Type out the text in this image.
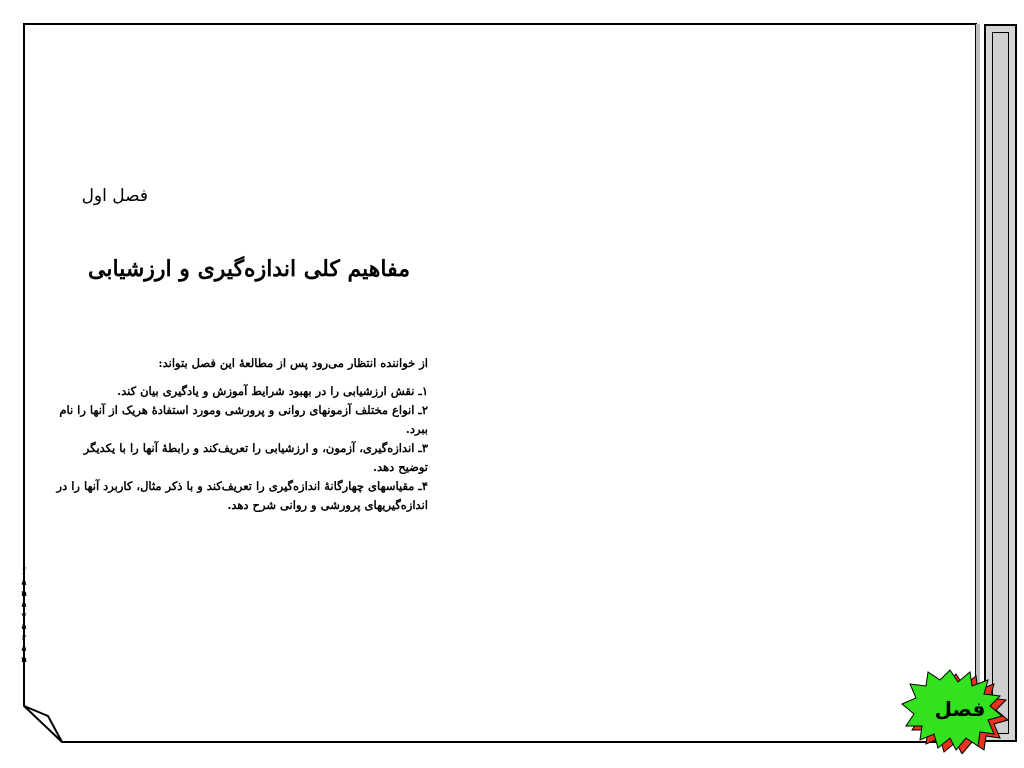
فصل اول
مفاهیم کلی اندازه‌گیری و ارزشیابی

از خواننده انتظار می‌رود پس از مطالعهٔ این فصل بتواند:

۱ـ نقش ارزشیابی را در بهبود شرایط آموزش و یادگیری بیان کند.

۲ـ انواع مختلف آزمونهای روانی و پرورشی ومورد استفادهٔ هریک از آنها را نام ببرد.

۳ـ اندازه‌گیری، آزمون، و ارزشیابی را تعریف‌کند و رابطهٔ آنها را با یکدیگر توضیح دهد.

۴ـ مقیاسهای چهارگانهٔ اندازه‌گیری را تعریف‌کند و با ذکر مثال، کاربرد آنها را در اندازه‌گیریهای پرورشی و روانی شرح دهد.

f
a
n
a
v
a
r
a
n
فصل
